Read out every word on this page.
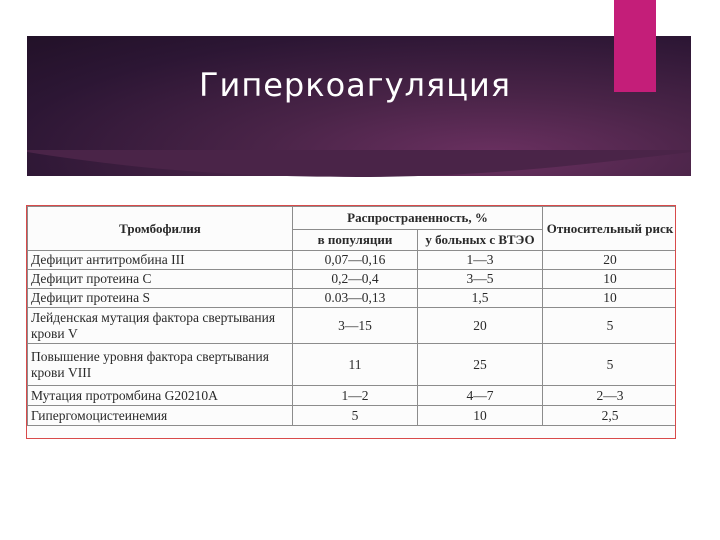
Гиперкоагуляция
Тромбофилия	Распространенность, %		Относительный риск
	в популяции	у больных с ВТЭО	
Дефицит антитромбина III	0,07—0,16	1—3	20
Дефицит протеина С	0,2—0,4	3—5	10
Дефицит протеина S	0.03—0,13	1,5	10
Лейденская мутация фактора свертывания крови V	3—15	20	5
Повышение уровня фактора свертывания крови VIII	11	25	5
Мутация протромбина G20210A	1—2	4—7	2—3
Гипергомоцистеинемия	5	10	2,5
